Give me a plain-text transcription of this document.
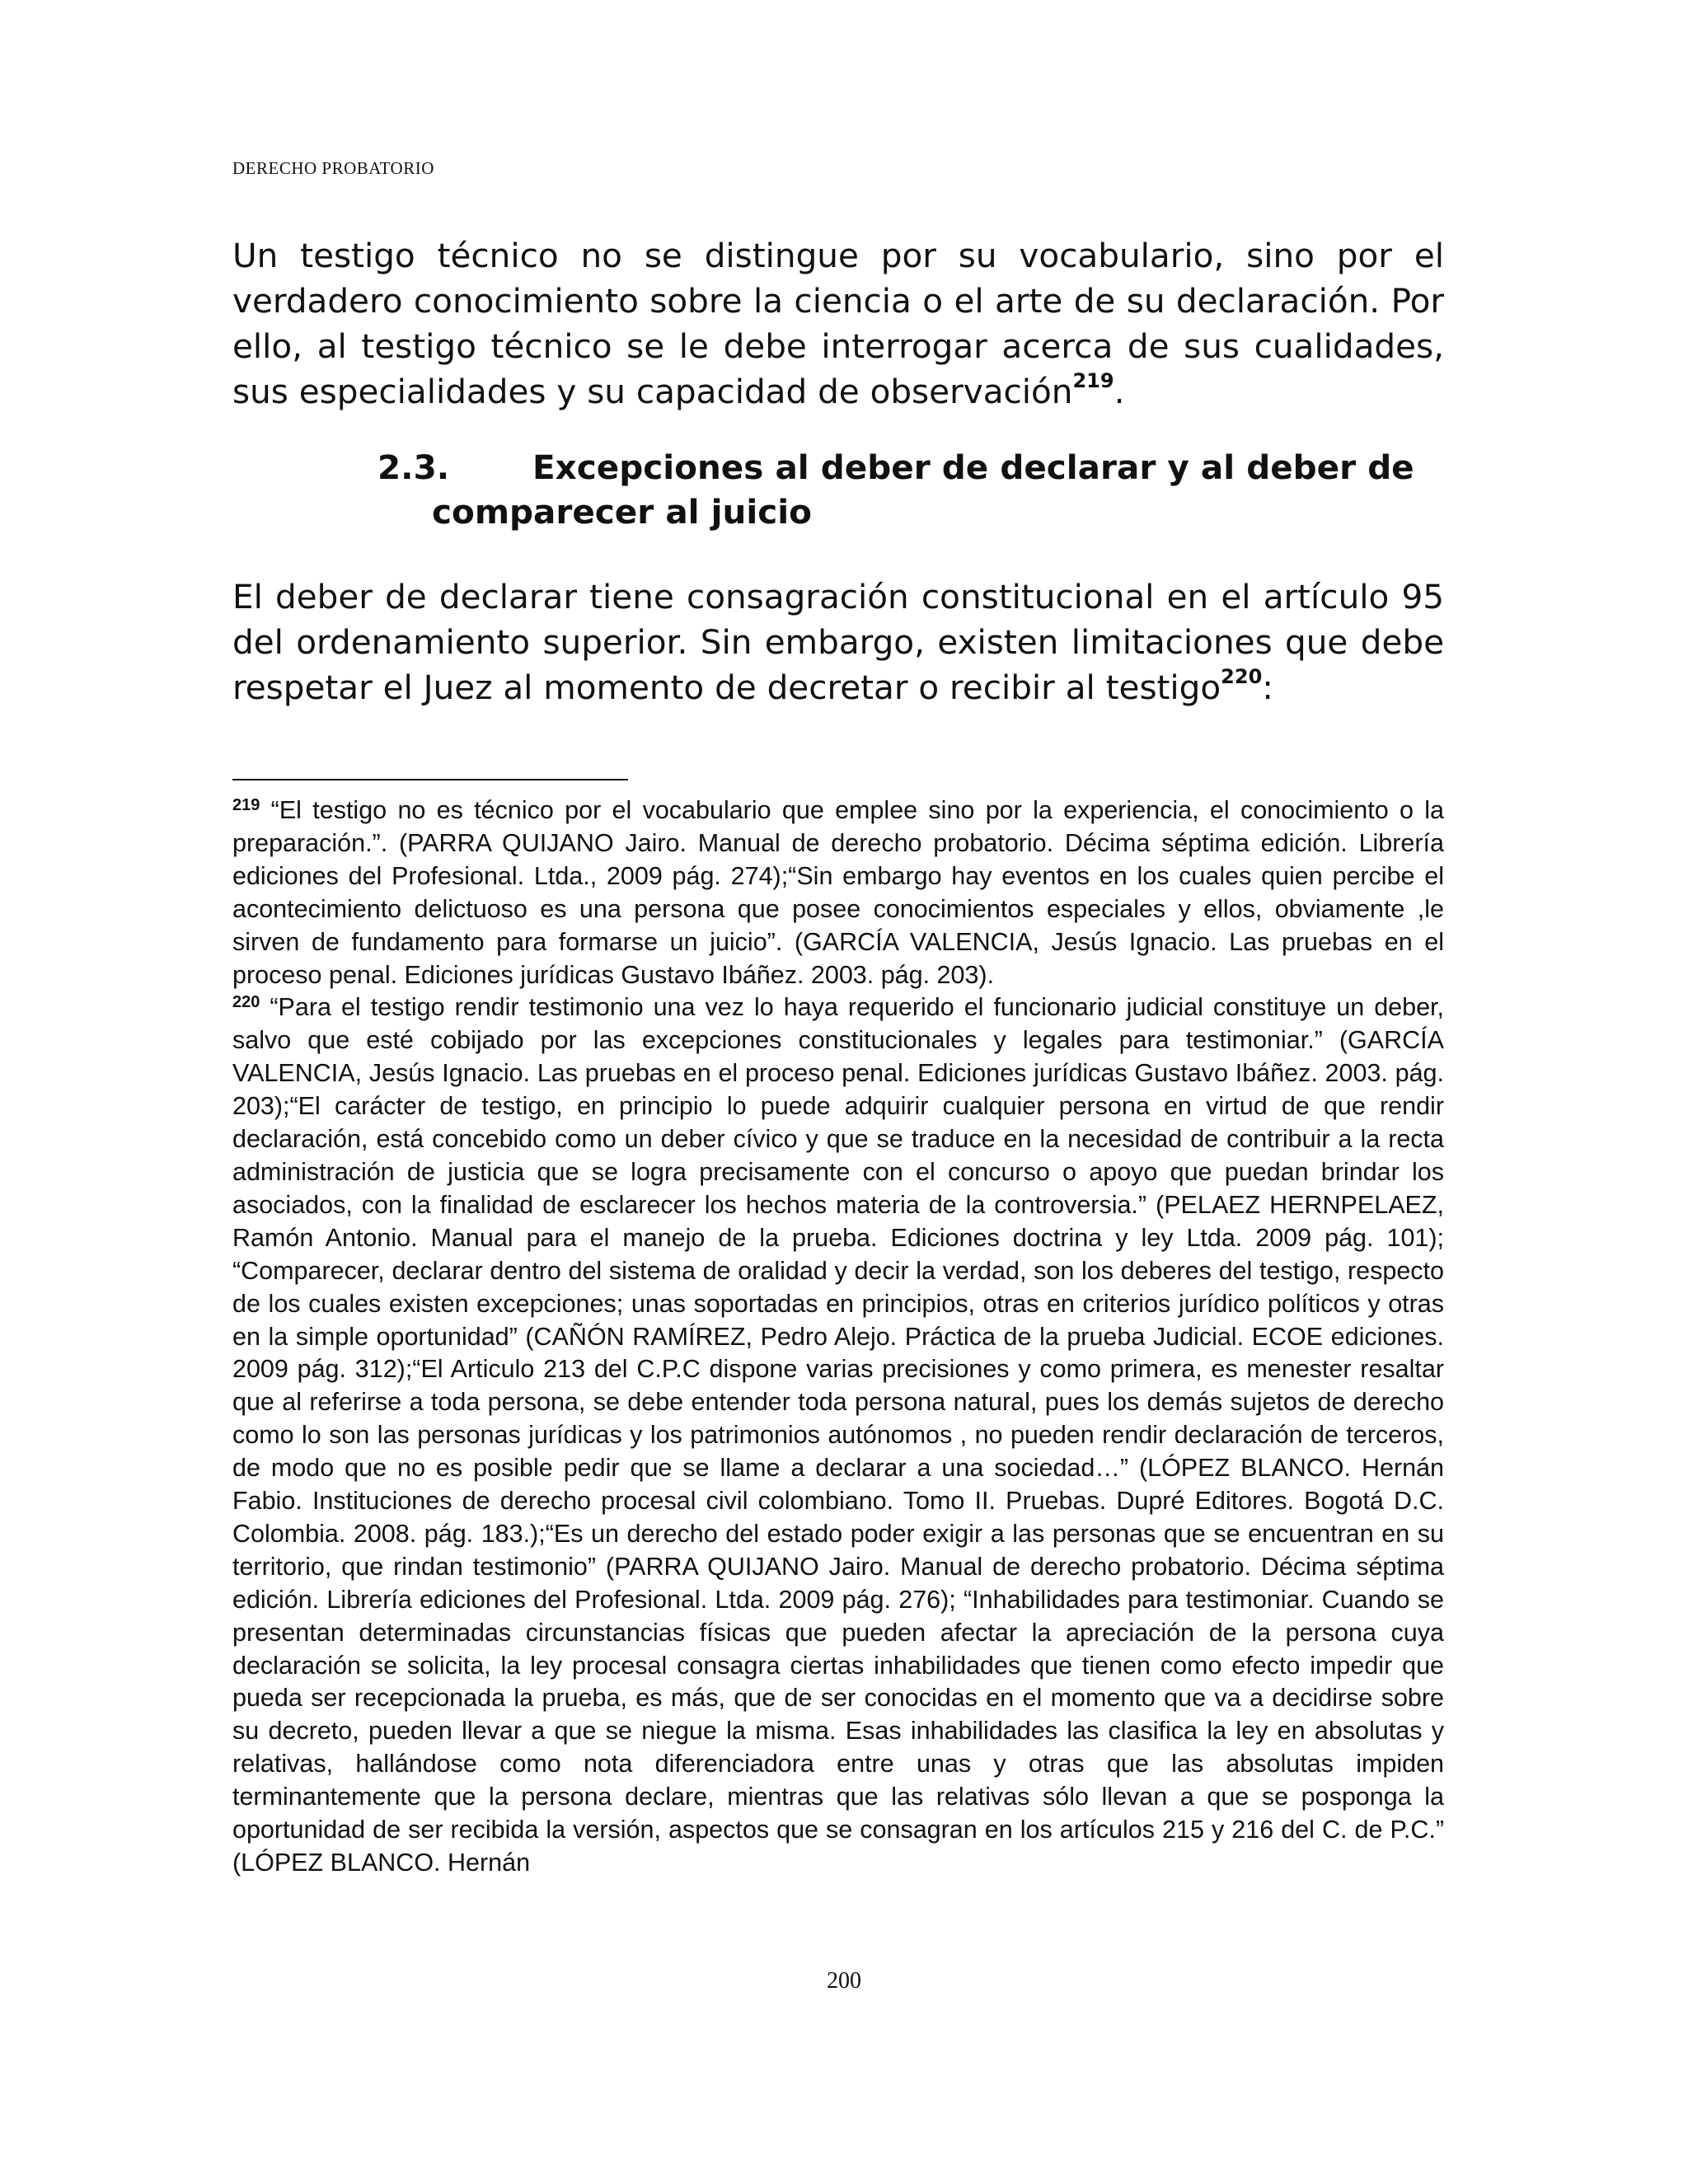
DERECHO PROBATORIO

Un testigo técnico no se distingue por su vocabulario, sino por el verdadero conocimiento sobre la ciencia o el arte de su declaración. Por ello, al testigo técnico se le debe interrogar acerca de sus cualidades, sus especialidades y su capacidad de observación$^{219}$.

2.3. Excepciones al deber de declarar y al deber de
comparecer al juicio

El deber de declarar tiene consagración constitucional en el artículo 95 del ordenamiento superior. Sin embargo, existen limitaciones que debe respetar el Juez al momento de decretar o recibir al testigo$^{220}$:

$^{219}$ “El testigo no es técnico por el vocabulario que emplee sino por la experiencia, el conocimiento o la preparación.”. (PARRA QUIJANO Jairo. Manual de derecho probatorio. Décima séptima edición. Librería ediciones del Profesional. Ltda., 2009 pág. 274);“Sin embargo hay eventos en los cuales quien percibe el acontecimiento delictuoso es una persona que posee conocimientos especiales y ellos, obviamente ,le sirven de fundamento para formarse un juicio”. (GARCÍA VALENCIA, Jesús Ignacio. Las pruebas en el proceso penal. Ediciones jurídicas Gustavo Ibáñez. 2003. pág. 203).

$^{220}$ “Para el testigo rendir testimonio una vez lo haya requerido el funcionario judicial constituye un deber, salvo que esté cobijado por las excepciones constitucionales y legales para testimoniar.” (GARCÍA VALENCIA, Jesús Ignacio. Las pruebas en el proceso penal. Ediciones jurídicas Gustavo Ibáñez. 2003. pág. 203);“El carácter de testigo, en principio lo puede adquirir cualquier persona en virtud de que rendir declaración, está concebido como un deber cívico y que se traduce en la necesidad de contribuir a la recta administración de justicia que se logra precisamente con el concurso o apoyo que puedan brindar los asociados, con la finalidad de esclarecer los hechos materia de la controversia.” (PELAEZ HERNPELAEZ, Ramón Antonio. Manual para el manejo de la prueba. Ediciones doctrina y ley Ltda. 2009 pág. 101); “Comparecer, declarar dentro del sistema de oralidad y decir la verdad, son los deberes del testigo, respecto de los cuales existen excepciones; unas soportadas en principios, otras en criterios jurídico políticos y otras en la simple oportunidad” (CAÑÓN RAMÍREZ, Pedro Alejo. Práctica de la prueba Judicial. ECOE ediciones. 2009 pág. 312);“El Articulo 213 del C.P.C dispone varias precisiones y como primera, es menester resaltar que al referirse a toda persona, se debe entender toda persona natural, pues los demás sujetos de derecho como lo son las personas jurídicas y los patrimonios autónomos , no pueden rendir declaración de terceros, de modo que no es posible pedir que se llame a declarar a una sociedad…” (LÓPEZ BLANCO. Hernán Fabio. Instituciones de derecho procesal civil colombiano. Tomo II. Pruebas. Dupré Editores. Bogotá D.C. Colombia. 2008. pág. 183.);“Es un derecho del estado poder exigir a las personas que se encuentran en su territorio, que rindan testimonio” (PARRA QUIJANO Jairo. Manual de derecho probatorio. Décima séptima edición. Librería ediciones del Profesional. Ltda. 2009 pág. 276); “Inhabilidades para testimoniar. Cuando se presentan determinadas circunstancias físicas que pueden afectar la apreciación de la persona cuya declaración se solicita, la ley procesal consagra ciertas inhabilidades que tienen como efecto impedir que pueda ser recepcionada la prueba, es más, que de ser conocidas en el momento que va a decidirse sobre su decreto, pueden llevar a que se niegue la misma. Esas inhabilidades las clasifica la ley en absolutas y relativas, hallándose como nota diferenciadora entre unas y otras que las absolutas impiden terminantemente que la persona declare, mientras que las relativas sólo llevan a que se posponga la oportunidad de ser recibida la versión, aspectos que se consagran en los artículos 215 y 216 del C. de P.C.” (LÓPEZ BLANCO. Hernán

200
